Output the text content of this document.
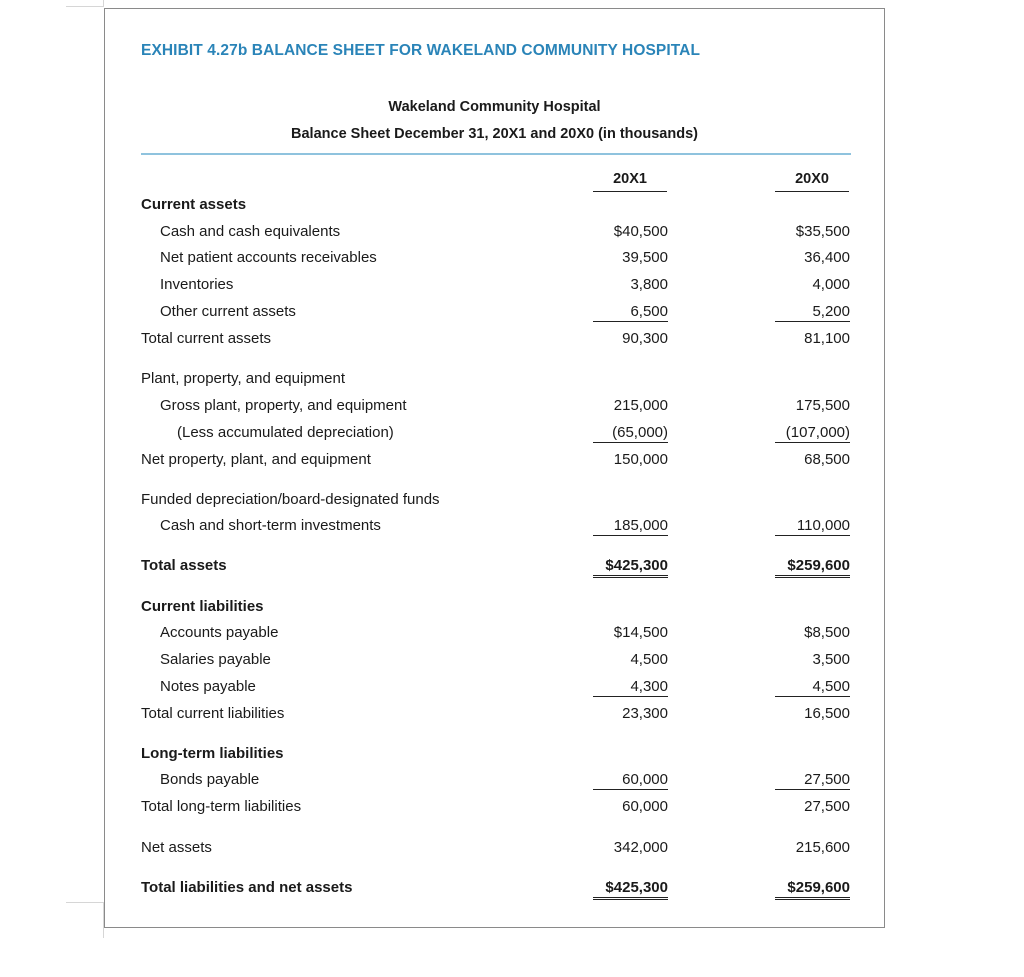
EXHIBIT 4.27b BALANCE SHEET FOR WAKELAND COMMUNITY HOSPITAL
Wakeland Community Hospital
Balance Sheet December 31, 20X1 and 20X0 (in thousands)
20X1	20X0
Current assets
Cash and cash equivalents	$40,500	$35,500
Net patient accounts receivables	39,500	36,400
Inventories	3,800	4,000
Other current assets	6,500	5,200
Total current assets	90,300	81,100
Plant, property, and equipment
Gross plant, property, and equipment	215,000	175,500
(Less accumulated depreciation)	(65,000)	(107,000)
Net property, plant, and equipment	150,000	68,500
Funded depreciation/board-designated funds
Cash and short-term investments	185,000	110,000
Total assets	$425,300	$259,600
Current liabilities
Accounts payable	$14,500	$8,500
Salaries payable	4,500	3,500
Notes payable	4,300	4,500
Total current liabilities	23,300	16,500
Long-term liabilities
Bonds payable	60,000	27,500
Total long-term liabilities	60,000	27,500
Net assets	342,000	215,600
Total liabilities and net assets	$425,300	$259,600
